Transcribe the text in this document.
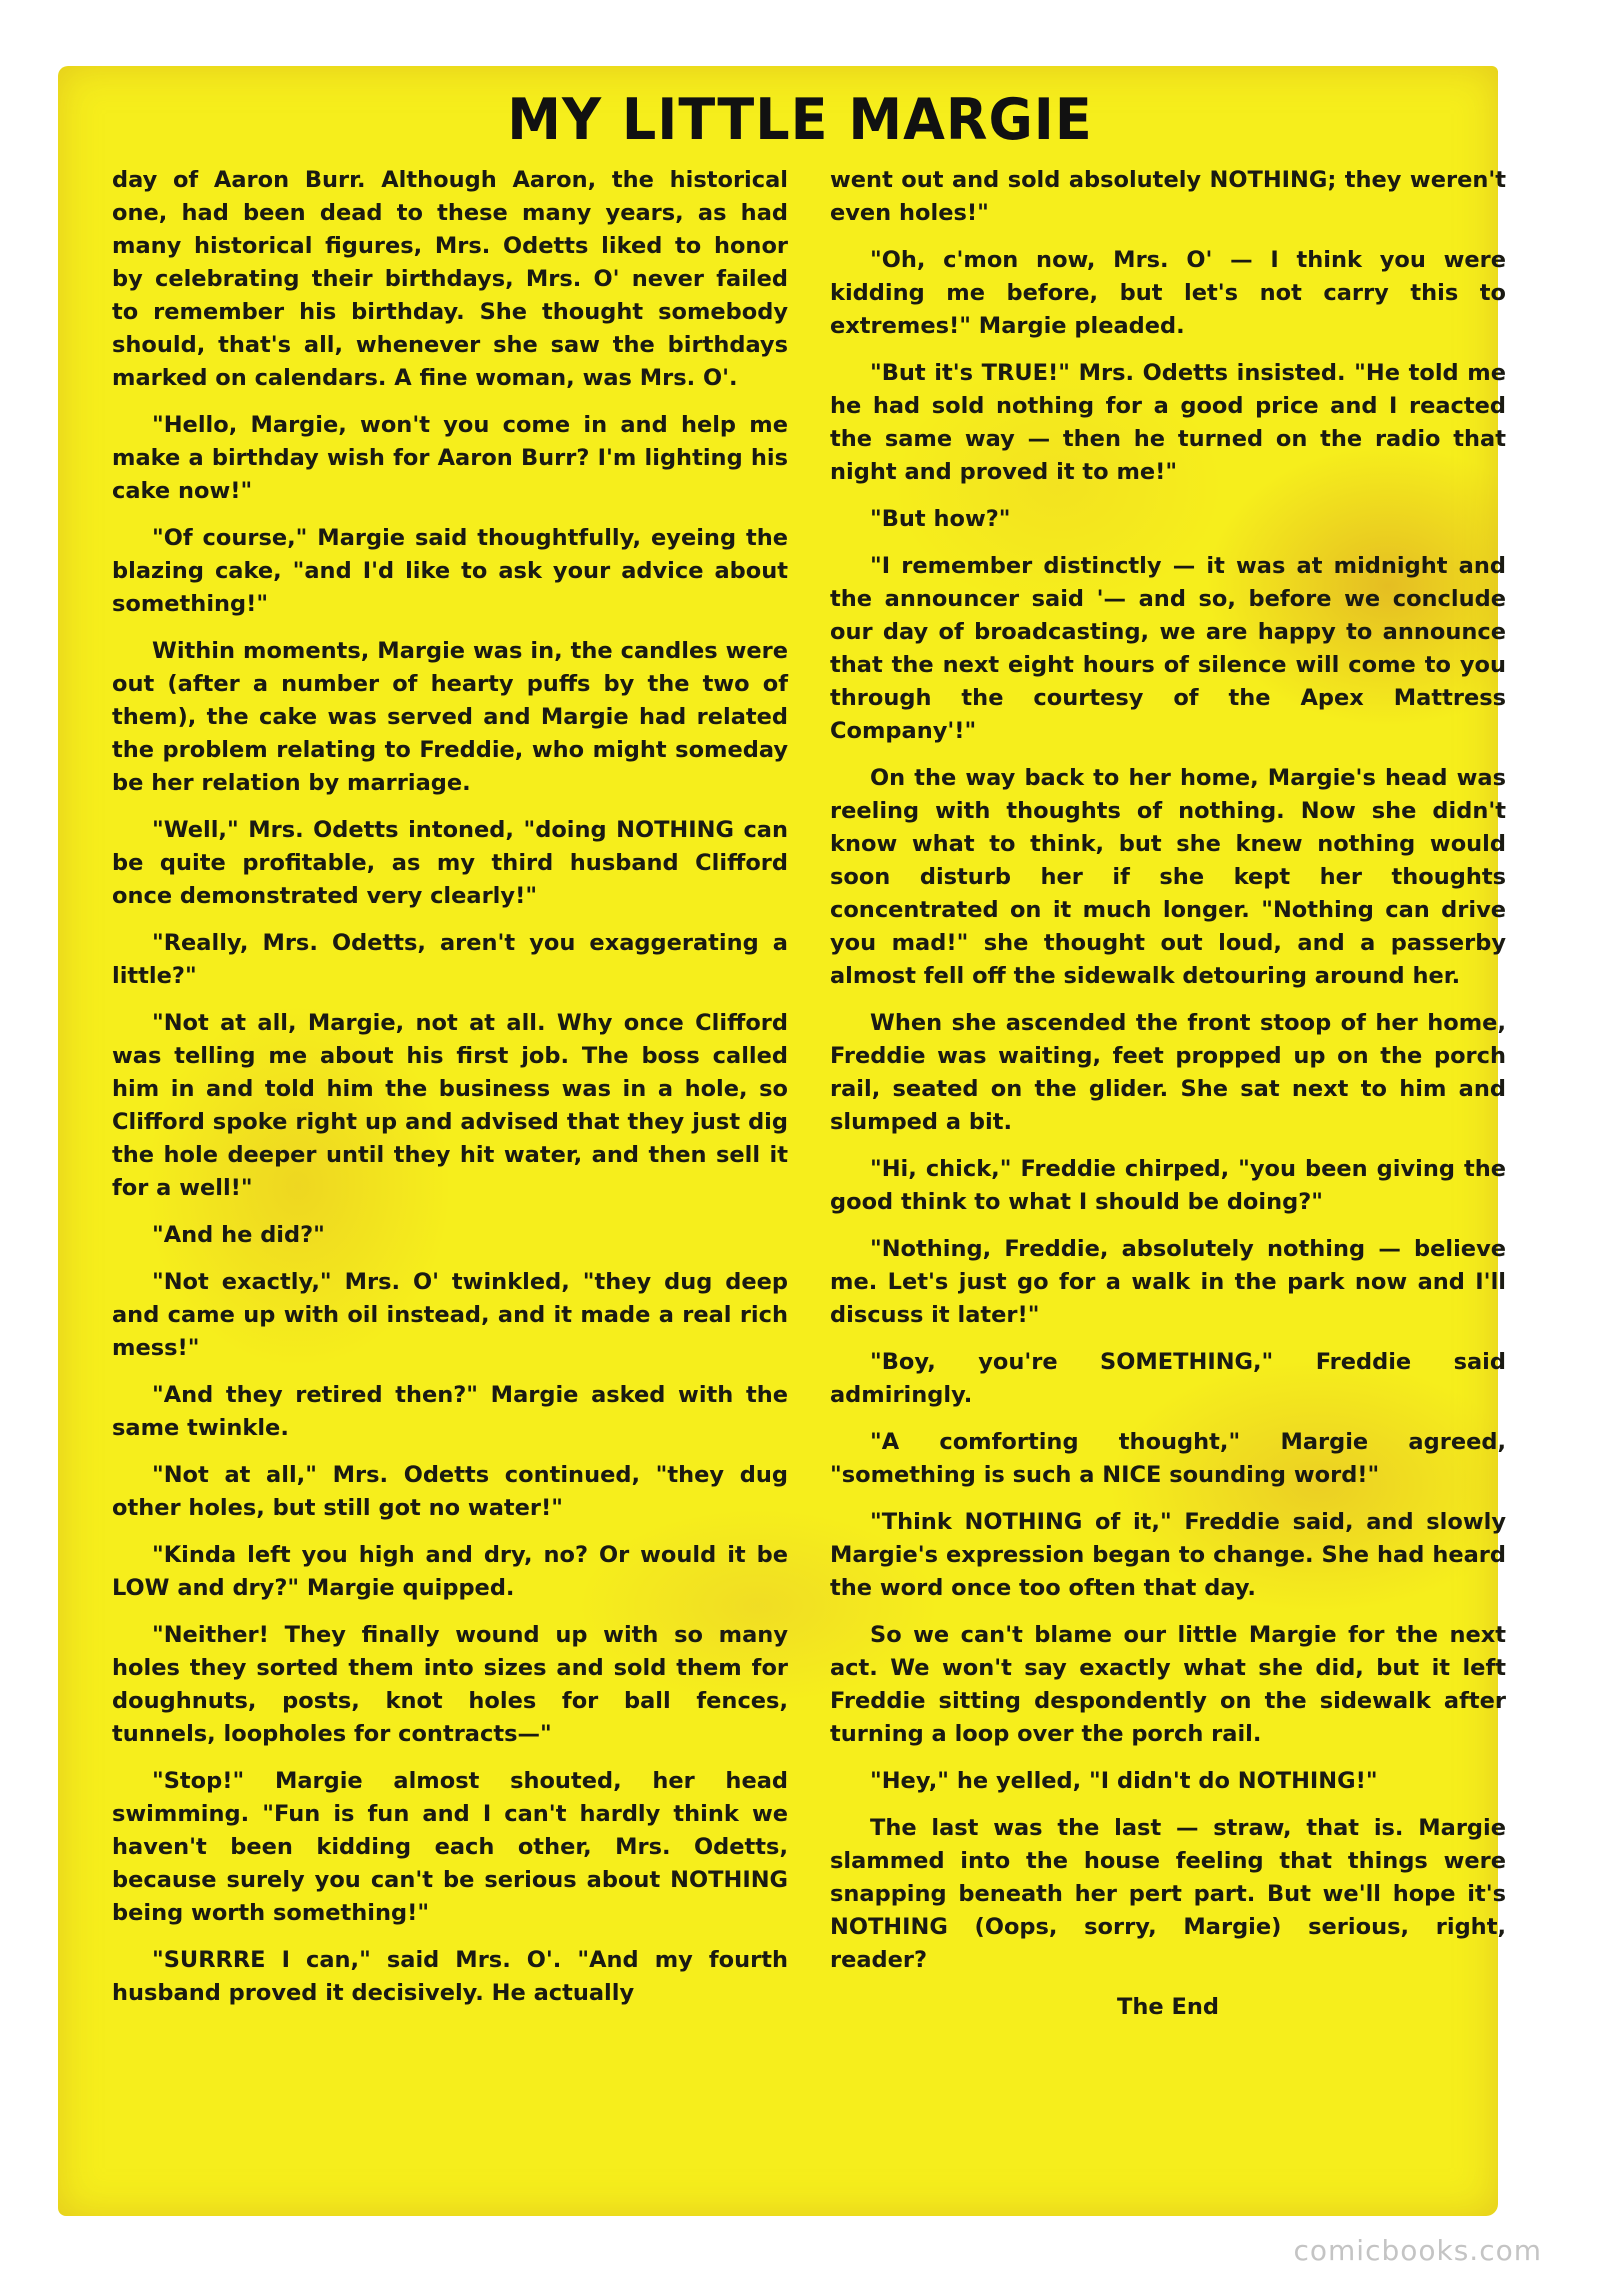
MY LITTLE MARGIE

day of Aaron Burr. Although Aaron, the historical one, had been dead to these many years, as had many historical figures, Mrs. Odetts liked to honor by celebrating their birthdays, Mrs. O' never failed to remember his birthday. She thought somebody should, that's all, whenever she saw the birthdays marked on calendars. A fine woman, was Mrs. O'.

"Hello, Margie, won't you come in and help me make a birthday wish for Aaron Burr? I'm lighting his cake now!"

"Of course," Margie said thoughtfully, eyeing the blazing cake, "and I'd like to ask your advice about something!"

Within moments, Margie was in, the candles were out (after a number of hearty puffs by the two of them), the cake was served and Margie had related the problem relating to Freddie, who might someday be her relation by marriage.

"Well," Mrs. Odetts intoned, "doing NOTHING can be quite profitable, as my third husband Clifford once demonstrated very clearly!"

"Really, Mrs. Odetts, aren't you exaggerating a little?"

"Not at all, Margie, not at all. Why once Clifford was telling me about his first job. The boss called him in and told him the business was in a hole, so Clifford spoke right up and advised that they just dig the hole deeper until they hit water, and then sell it for a well!"

"And he did?"

"Not exactly," Mrs. O' twinkled, "they dug deep and came up with oil instead, and it made a real rich mess!"

"And they retired then?" Margie asked with the same twinkle.

"Not at all," Mrs. Odetts continued, "they dug other holes, but still got no water!"

"Kinda left you high and dry, no? Or would it be LOW and dry?" Margie quipped.

"Neither! They finally wound up with so many holes they sorted them into sizes and sold them for doughnuts, posts, knot holes for ball fences, tunnels, loopholes for contracts—"

"Stop!" Margie almost shouted, her head swimming. "Fun is fun and I can't hardly think we haven't been kidding each other, Mrs. Odetts, because surely you can't be serious about NOTHING being worth something!"

"SURRRE I can," said Mrs. O'. "And my fourth husband proved it decisively. He actually

went out and sold absolutely NOTHING; they weren't even holes!"

"Oh, c'mon now, Mrs. O' — I think you were kidding me before, but let's not carry this to extremes!" Margie pleaded.

"But it's TRUE!" Mrs. Odetts insisted. "He told me he had sold nothing for a good price and I reacted the same way — then he turned on the radio that night and proved it to me!"

"But how?"

"I remember distinctly — it was at midnight and the announcer said '— and so, before we conclude our day of broadcasting, we are happy to announce that the next eight hours of silence will come to you through the courtesy of the Apex Mattress Company'!"

On the way back to her home, Margie's head was reeling with thoughts of nothing. Now she didn't know what to think, but she knew nothing would soon disturb her if she kept her thoughts concentrated on it much longer. "Nothing can drive you mad!" she thought out loud, and a passerby almost fell off the sidewalk detouring around her.

When she ascended the front stoop of her home, Freddie was waiting, feet propped up on the porch rail, seated on the glider. She sat next to him and slumped a bit.

"Hi, chick," Freddie chirped, "you been giving the good think to what I should be doing?"

"Nothing, Freddie, absolutely nothing — believe me. Let's just go for a walk in the park now and I'll discuss it later!"

"Boy, you're SOMETHING," Freddie said admiringly.

"A comforting thought," Margie agreed, "something is such a NICE sounding word!"

"Think NOTHING of it," Freddie said, and slowly Margie's expression began to change. She had heard the word once too often that day.

So we can't blame our little Margie for the next act. We won't say exactly what she did, but it left Freddie sitting despondently on the sidewalk after turning a loop over the porch rail.

"Hey," he yelled, "I didn't do NOTHING!"

The last was the last — straw, that is. Margie slammed into the house feeling that things were snapping beneath her pert part. But we'll hope it's NOTHING (Oops, sorry, Margie) serious, right, reader?

The End

comicbooks.com
